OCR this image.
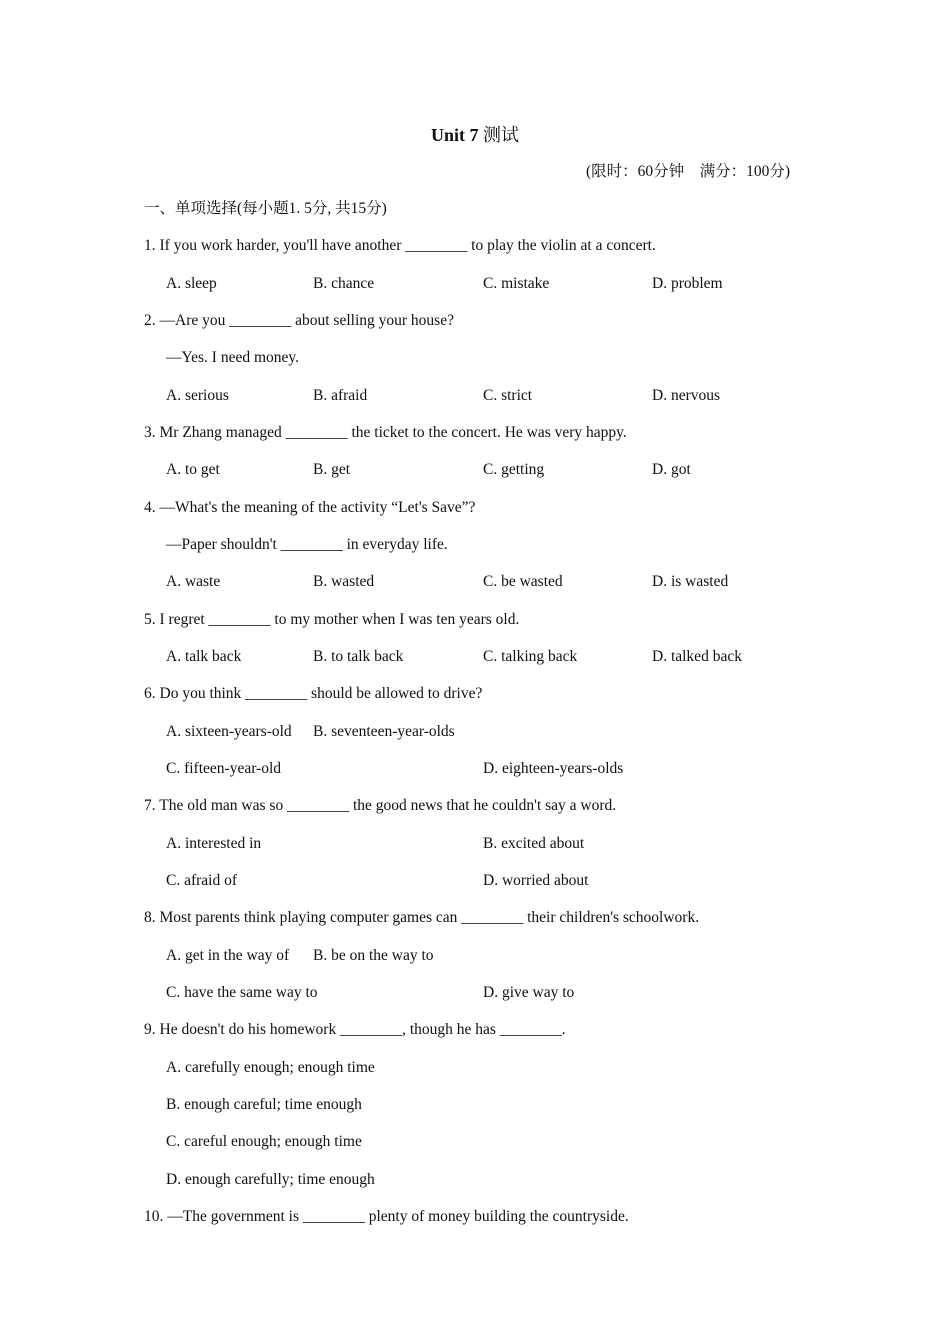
Unit 7 测试
(限时：60分钟    满分：100分)
一、单项选择(每小题1. 5分, 共15分)
1. If you work harder, you'll have another ________ to play the violin at a concert.
A. sleep	B. chance	C. mistake	D. problem
2. —Are you ________ about selling your house?
—Yes. I need money.
A. serious	B. afraid	C. strict	D. nervous
3. Mr Zhang managed ________ the ticket to the concert. He was very happy.
A. to get	B. get	C. getting	D. got
4. —What's the meaning of the activity “Let's Save”?
—Paper shouldn't ________ in everyday life.
A. waste	B. wasted	C. be wasted	D. is wasted
5. I regret ________ to my mother when I was ten years old.
A. talk back	B. to talk back	C. talking back	D. talked back
6. Do you think ________ should be allowed to drive?
A. sixteen-years-old B. seventeen-year-olds
C. fifteen-year-old	D. eighteen-years-olds
7. The old man was so ________ the good news that he couldn't say a word.
A. interested in	B. excited about
C. afraid of	D. worried about
8. Most parents think playing computer games can ________ their children's schoolwork.
A. get in the way of B. be on the way to
C. have the same way to	D. give way to
9. He doesn't do his homework ________, though he has ________.
A. carefully enough; enough time
B. enough careful; time enough
C. careful enough; enough time
D. enough carefully; time enough
10. —The government is ________ plenty of money building the countryside.
